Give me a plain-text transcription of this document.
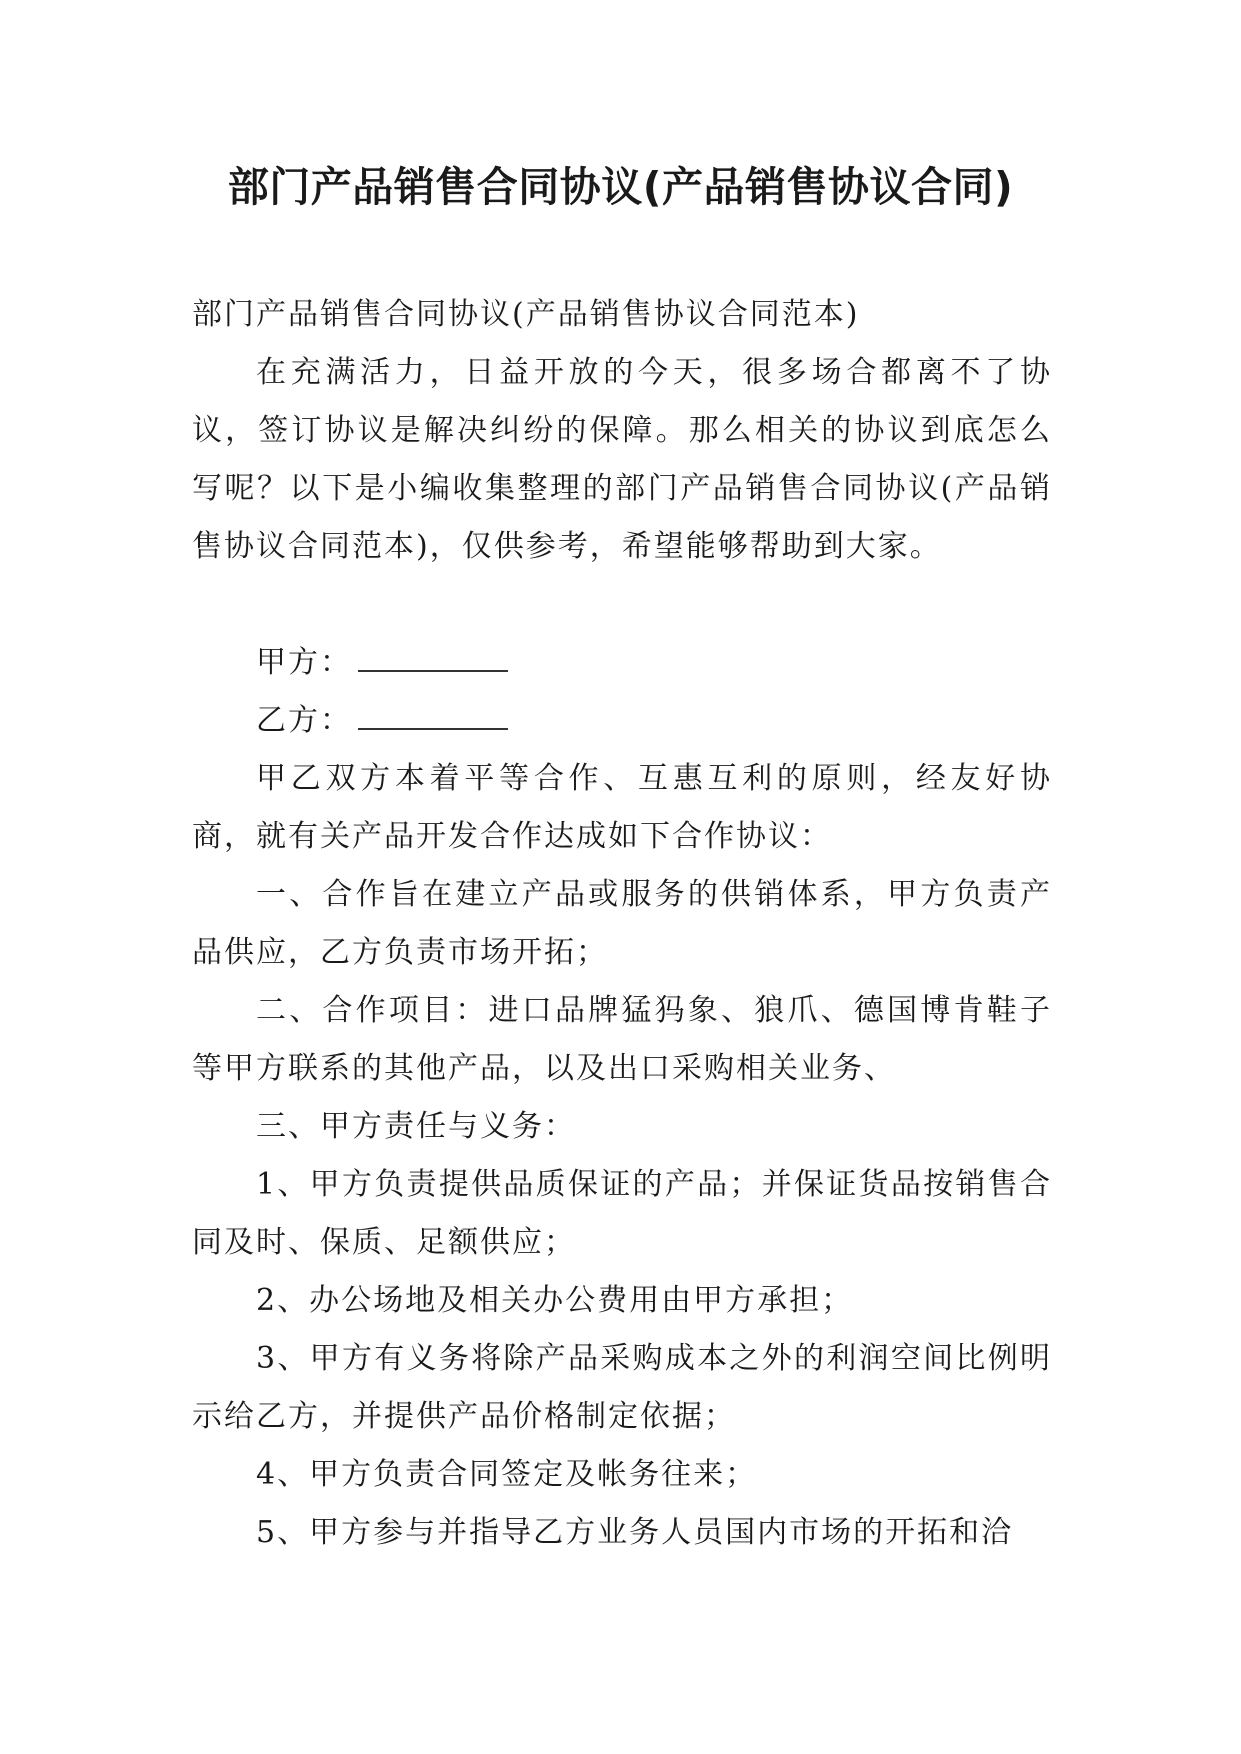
部门产品销售合同协议(产品销售协议合同)

部门产品销售合同协议(产品销售协议合同范本)

在充满活力，日益开放的今天，很多场合都离不了协议，签订协议是解决纠纷的保障。那么相关的协议到底怎么写呢？以下是小编收集整理的部门产品销售合同协议(产品销售协议合同范本)，仅供参考，希望能够帮助到大家。

甲方：

乙方：

甲乙双方本着平等合作、互惠互利的原则，经友好协商，就有关产品开发合作达成如下合作协议：

一、合作旨在建立产品或服务的供销体系，甲方负责产品供应，乙方负责市场开拓；

二、合作项目：进口品牌猛犸象、狼爪、德国博肯鞋子等甲方联系的其他产品，以及出口采购相关业务、

三、甲方责任与义务：

1、甲方负责提供品质保证的产品；并保证货品按销售合同及时、保质、足额供应；

2、办公场地及相关办公费用由甲方承担；

3、甲方有义务将除产品采购成本之外的利润空间比例明示给乙方，并提供产品价格制定依据；

4、甲方负责合同签定及帐务往来；

5、甲方参与并指导乙方业务人员国内市场的开拓和洽
